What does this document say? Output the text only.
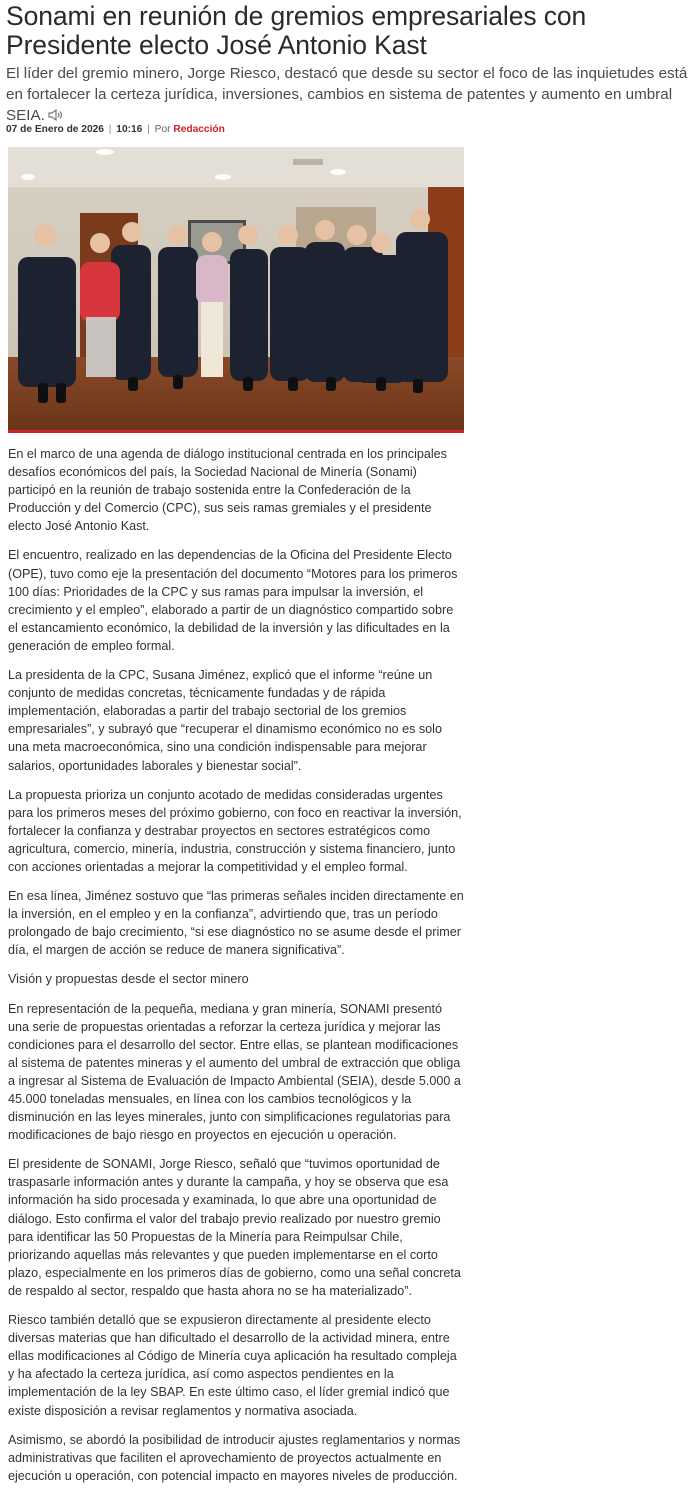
Sonami en reunión de gremios empresariales con Presidente electo José Antonio Kast

El líder del gremio minero, Jorge Riesco, destacó que desde su sector el foco de las inquietudes está en fortalecer la certeza jurídica, inversiones, cambios en sistema de patentes y aumento en umbral SEIA.

07 de Enero de 2026 | 10:16 | Por Redacción

En el marco de una agenda de diálogo institucional centrada en los principales desafíos económicos del país, la Sociedad Nacional de Minería (Sonami) participó en la reunión de trabajo sostenida entre la Confederación de la Producción y del Comercio (CPC), sus seis ramas gremiales y el presidente electo José Antonio Kast.

El encuentro, realizado en las dependencias de la Oficina del Presidente Electo (OPE), tuvo como eje la presentación del documento “Motores para los primeros 100 días: Prioridades de la CPC y sus ramas para impulsar la inversión, el crecimiento y el empleo”, elaborado a partir de un diagnóstico compartido sobre el estancamiento económico, la debilidad de la inversión y las dificultades en la generación de empleo formal.

La presidenta de la CPC, Susana Jiménez, explicó que el informe “reúne un conjunto de medidas concretas, técnicamente fundadas y de rápida implementación, elaboradas a partir del trabajo sectorial de los gremios empresariales”, y subrayó que “recuperar el dinamismo económico no es solo una meta macroeconómica, sino una condición indispensable para mejorar salarios, oportunidades laborales y bienestar social”.

La propuesta prioriza un conjunto acotado de medidas consideradas urgentes para los primeros meses del próximo gobierno, con foco en reactivar la inversión, fortalecer la confianza y destrabar proyectos en sectores estratégicos como agricultura, comercio, minería, industria, construcción y sistema financiero, junto con acciones orientadas a mejorar la competitividad y el empleo formal.

En esa línea, Jiménez sostuvo que “las primeras señales inciden directamente en la inversión, en el empleo y en la confianza”, advirtiendo que, tras un período prolongado de bajo crecimiento, “si ese diagnóstico no se asume desde el primer día, el margen de acción se reduce de manera significativa”.

Visión y propuestas desde el sector minero

En representación de la pequeña, mediana y gran minería, SONAMI presentó una serie de propuestas orientadas a reforzar la certeza jurídica y mejorar las condiciones para el desarrollo del sector. Entre ellas, se plantean modificaciones al sistema de patentes mineras y el aumento del umbral de extracción que obliga a ingresar al Sistema de Evaluación de Impacto Ambiental (SEIA), desde 5.000 a 45.000 toneladas mensuales, en línea con los cambios tecnológicos y la disminución en las leyes minerales, junto con simplificaciones regulatorias para modificaciones de bajo riesgo en proyectos en ejecución u operación.

El presidente de SONAMI, Jorge Riesco, señaló que “tuvimos oportunidad de traspasarle información antes y durante la campaña, y hoy se observa que esa información ha sido procesada y examinada, lo que abre una oportunidad de diálogo. Esto confirma el valor del trabajo previo realizado por nuestro gremio para identificar las 50 Propuestas de la Minería para Reimpulsar Chile, priorizando aquellas más relevantes y que pueden implementarse en el corto plazo, especialmente en los primeros días de gobierno, como una señal concreta de respaldo al sector, respaldo que hasta ahora no se ha materializado”.

Riesco también detalló que se expusieron directamente al presidente electo diversas materias que han dificultado el desarrollo de la actividad minera, entre ellas modificaciones al Código de Minería cuya aplicación ha resultado compleja y ha afectado la certeza jurídica, así como aspectos pendientes en la implementación de la ley SBAP. En este último caso, el líder gremial indicó que existe disposición a revisar reglamentos y normativa asociada.

Asimismo, se abordó la posibilidad de introducir ajustes reglamentarios y normas administrativas que faciliten el aprovechamiento de proyectos actualmente en ejecución u operación, con potencial impacto en mayores niveles de producción.
